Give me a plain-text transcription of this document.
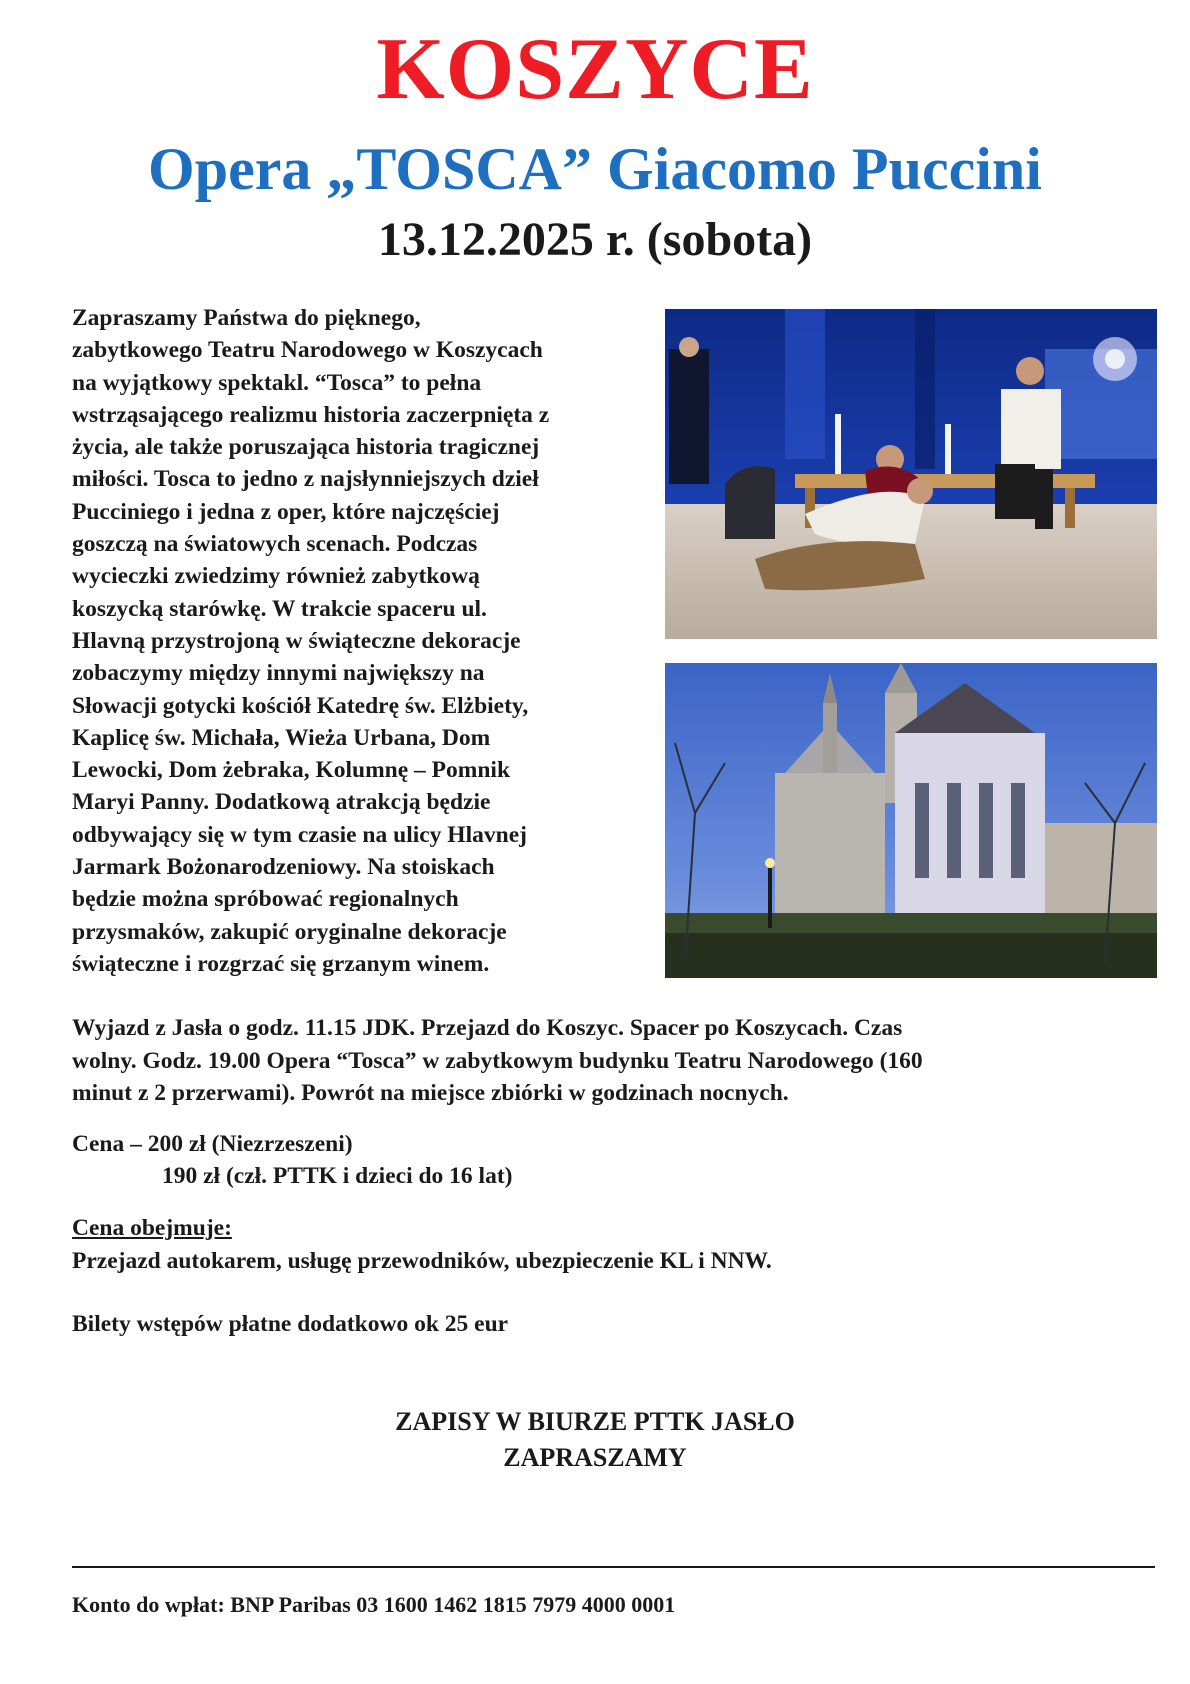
KOSZYCE
Opera „TOSCA” Giacomo Puccini
13.12.2025 r. (sobota)
Zapraszamy Państwa do pięknego,
zabytkowego Teatru Narodowego w Koszycach
na wyjątkowy spektakl. “Tosca” to pełna
wstrząsającego realizmu historia zaczerpnięta z
życia, ale także poruszająca historia tragicznej
miłości. Tosca to jedno z najsłynniejszych dzieł
Pucciniego i jedna z oper, które najczęściej
goszczą na światowych scenach. Podczas
wycieczki zwiedzimy również zabytkową
koszycką starówkę. W trakcie spaceru ul.
Hlavną przystrojoną w świąteczne dekoracje
zobaczymy między innymi największy na
Słowacji gotycki kościół Katedrę św. Elżbiety,
Kaplicę św. Michała, Wieża Urbana, Dom
Lewocki, Dom żebraka, Kolumnę – Pomnik
Maryi Panny. Dodatkową atrakcją będzie
odbywający się w tym czasie na ulicy Hlavnej
Jarmark Bożonarodzeniowy. Na stoiskach
będzie można spróbować regionalnych
przysmaków, zakupić oryginalne dekoracje
świąteczne i rozgrzać się grzanym winem.
Wyjazd z Jasła o godz. 11.15 JDK. Przejazd do Koszyc. Spacer po Koszycach. Czas
wolny. Godz. 19.00 Opera “Tosca” w zabytkowym budynku Teatru Narodowego (160
minut z 2 przerwami). Powrót na miejsce zbiórki w godzinach nocnych.

Cena – 200 zł (Niezrzeszeni)

190 zł (czł. PTTK i dzieci do 16 lat)

Cena obejmuje:

Przejazd autokarem, usługę przewodników, ubezpieczenie KL i NNW.

Bilety wstępów płatne dodatkowo ok 25 eur

ZAPISY W BIURZE PTTK JASŁO

ZAPRASZAMY

Konto do wpłat: BNP Paribas 03 1600 1462 1815 7979 4000 0001
